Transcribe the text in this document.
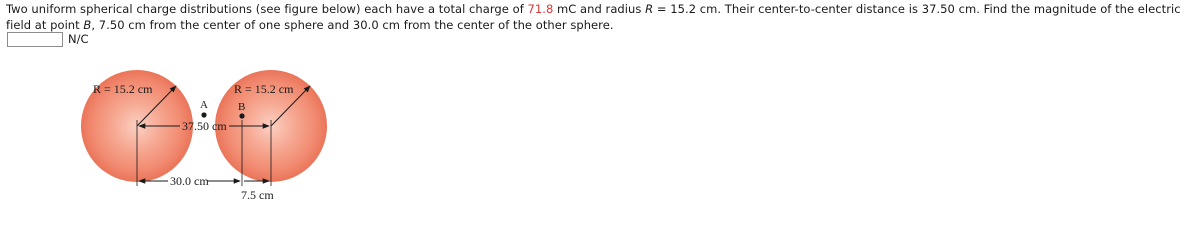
Two uniform spherical charge distributions (see figure below) each have a total charge of 71.8 mC and radius R = 15.2 cm. Their center-to-center distance is 37.50 cm. Find the magnitude of the electric field at point B, 7.50 cm from the center of one sphere and 30.0 cm from the center of the other sphere.
N/C
R = 15.2 cm	R = 15.2 cm
A	B
37.50 cm
30.0 cm
7.5 cm
